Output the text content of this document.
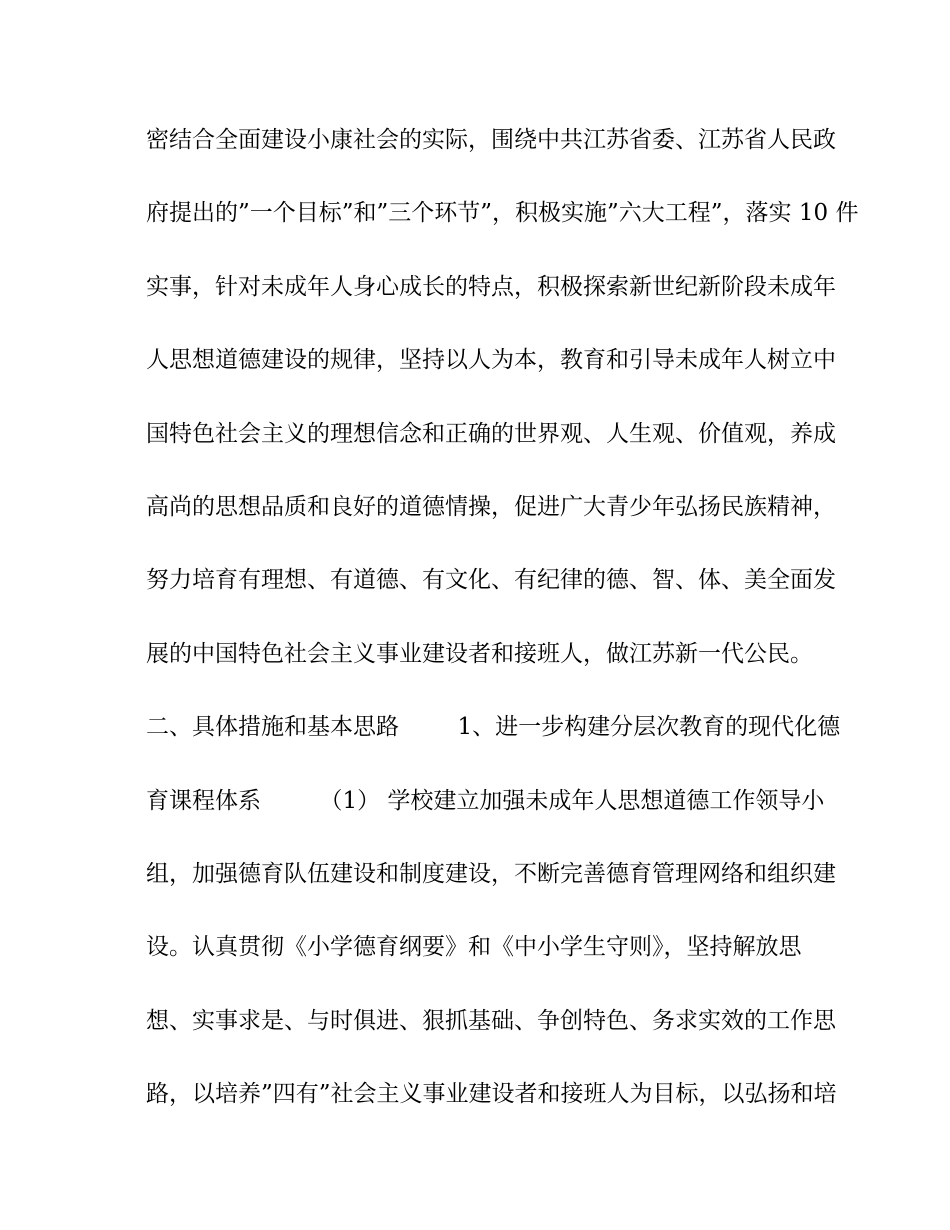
密结合全面建设小康社会的实际，围绕中共江苏省委、江苏省人民政
府提出的”一个目标”和”三个环节”，积极实施”六大工程”，落实 10 件
实事，针对未成年人身心成长的特点，积极探索新世纪新阶段未成年
人思想道德建设的规律，坚持以人为本，教育和引导未成年人树立中
国特色社会主义的理想信念和正确的世界观、人生观、价值观，养成
高尚的思想品质和良好的道德情操，促进广大青少年弘扬民族精神，
努力培育有理想、有道德、有文化、有纪律的德、智、体、美全面发
展的中国特色社会主义事业建设者和接班人，做江苏新一代公民。
二、具体措施和基本思路        1、进一步构建分层次教育的现代化德
育课程体系        （1） 学校建立加强未成年人思想道德工作领导小
组，加强德育队伍建设和制度建设，不断完善德育管理网络和组织建
设。认真贯彻《小学德育纲要》和《中小学生守则》，坚持解放思
想、实事求是、与时俱进、狠抓基础、争创特色、务求实效的工作思
路，以培养”四有”社会主义事业建设者和接班人为目标，以弘扬和培
